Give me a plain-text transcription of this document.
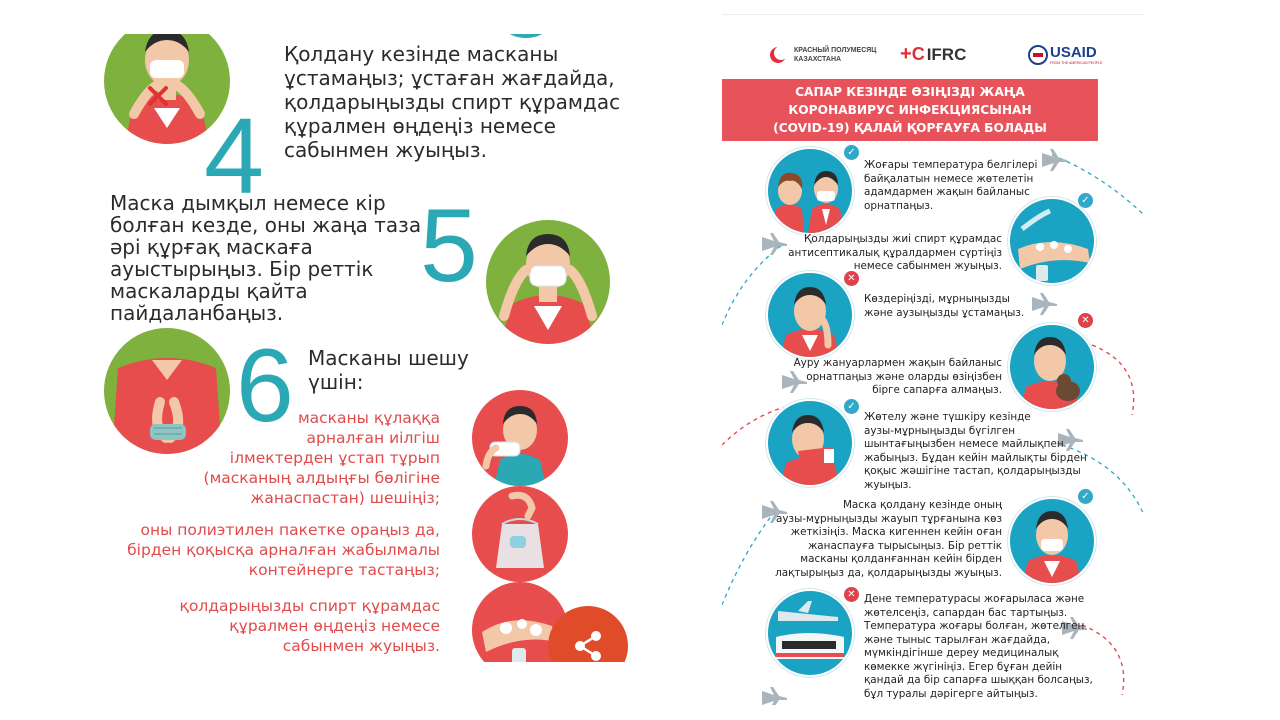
4
Қолдану кезінде масканы
ұстамаңыз; ұстаған жағдайда,
қолдарыңызды спирт құрамдас
құралмен өңдеңіз немесе
сабынмен жуыңыз.
Маска дымқыл немесе кір
болған кезде, оны жаңа таза
әрі құрғақ маскаға
ауыстырыңыз. Бір реттік
маскаларды қайта
пайдаланбаңыз.
5
6 Масканы шешу
үшін:
масканы құлаққа
арналған иілгіш
ілмектерден ұстап тұрып
(масканың алдыңғы бөлігіне
жанаспастан) шешіңіз;
оны полиэтилен пакетке ораңыз да,
бірден қоқысқа арналған жабылмалы
контейнерге тастаңыз;
қолдарыңызды спирт құрамдас
құралмен өңдеңіз немесе
сабынмен жуыңыз.
КРАСНЫЙ ПОЛУМЕСЯЦ
КАЗАХСТАНА	+C IFRC	USAID
FROM THE AMERICAN PEOPLE
САПАР КЕЗІНДЕ ӨЗІҢІЗДІ ЖАҢА
КОРОНАВИРУС ИНФЕКЦИЯСЫНАН
(COVID-19) ҚАЛАЙ ҚОРҒАУҒА БОЛАДЫ
✓
Жоғары температура белгілері
байқалатын немесе жөтелетін
адамдармен жақын байланыс
орнатпаңыз.
Қолдарыңызды жиі спирт құрамдас
антисептикалық құралдармен сүртіңіз
немесе сабынмен жуыңыз.
✓
✕
Көздеріңізді, мұрныңызды
және аузыңызды ұстамаңыз.
Ауру жануарлармен жақын байланыс
орнатпаңыз және оларды өзіңізбен
бірге сапарға алмаңыз.
✕
✓
Жөтелу және түшкіру кезінде
аузы-мұрныңызды бүгілген
шынтағыңызбен немесе майлықпен
жабыңыз. Бұдан кейін майлықты бірден
қоқыс жәшігіне тастап, қолдарыңызды
жуыңыз.
Маска қолдану кезінде оның
аузы-мұрныңызды жауып тұрғанына көз
жеткізіңіз. Маска кигеннен кейін оған
жанаспауға тырысыңыз. Бір реттік
масканы қолданғаннан кейін бірден
лақтырыңыз да, қолдарыңызды жуыңыз.
✓
✕ Дене температурасы жоғарыласа және
жөтелсеңіз, сапардан бас тартыңыз.
Температура жоғары болған, жөтелген
және тыныс тарылған жағдайда,
мүмкіндігінше дереу медициналық
көмекке жүгініңіз. Егер бұған дейін
қандай да бір сапарға шыққан болсаңыз,
бұл туралы дәрігерге айтыңыз.
